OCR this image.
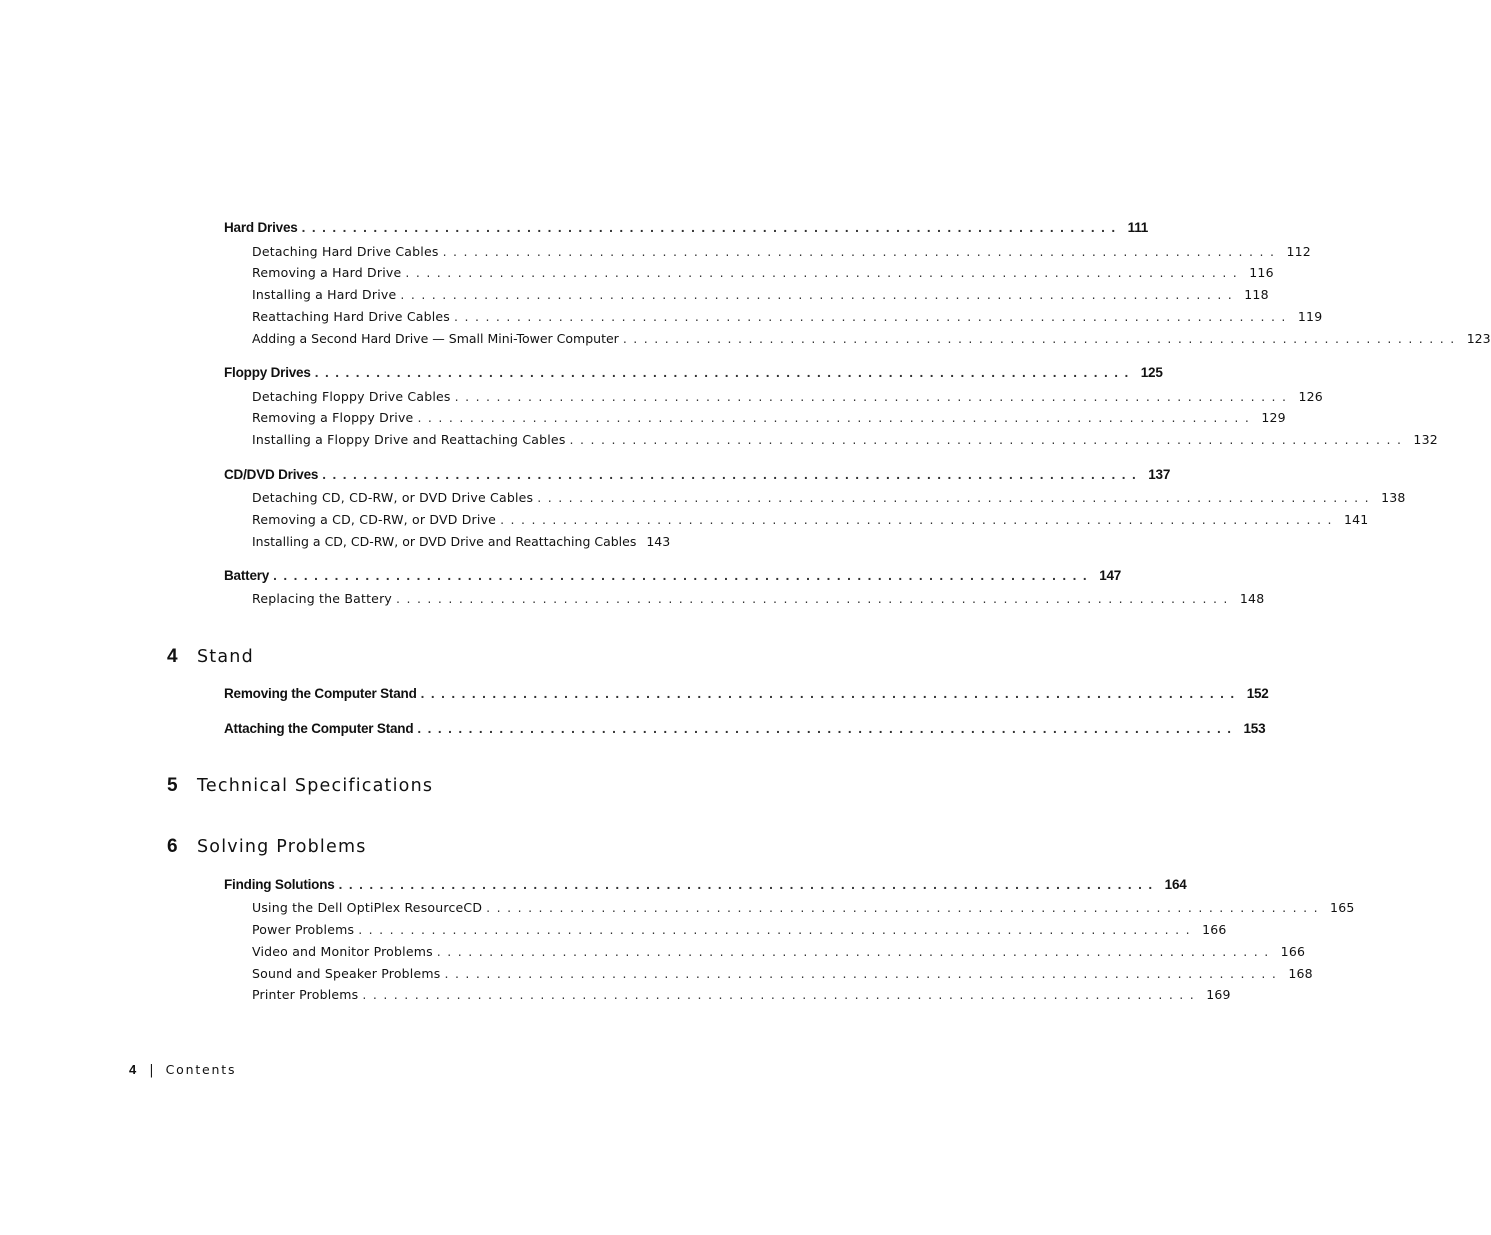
Hard Drives ................................................................................ 111
Detaching Hard Drive Cables ................................................................................ 112
Removing a Hard Drive ................................................................................ 116
Installing a Hard Drive ................................................................................ 118
Reattaching Hard Drive Cables ................................................................................ 119
Adding a Second Hard Drive — Small Mini-Tower Computer ................................................................................ 123
Floppy Drives ................................................................................ 125
Detaching Floppy Drive Cables ................................................................................ 126
Removing a Floppy Drive ................................................................................ 129
Installing a Floppy Drive and Reattaching Cables ................................................................................ 132
CD/DVD Drives ................................................................................ 137
Detaching CD, CD-RW, or DVD Drive Cables ................................................................................ 138
Removing a CD, CD-RW, or DVD Drive ................................................................................ 141
Installing a CD, CD-RW, or DVD Drive and Reattaching Cables 143
Battery ................................................................................ 147
Replacing the Battery ................................................................................ 148
4 Stand
Removing the Computer Stand ................................................................................ 152
Attaching the Computer Stand ................................................................................ 153
5 Technical Specifications
6 Solving Problems
Finding Solutions ................................................................................ 164
Using the Dell OptiPlex ResourceCD ................................................................................ 165
Power Problems ................................................................................ 166
Video and Monitor Problems ................................................................................ 166
Sound and Speaker Problems ................................................................................ 168
Printer Problems ................................................................................ 169
4 | Contents
